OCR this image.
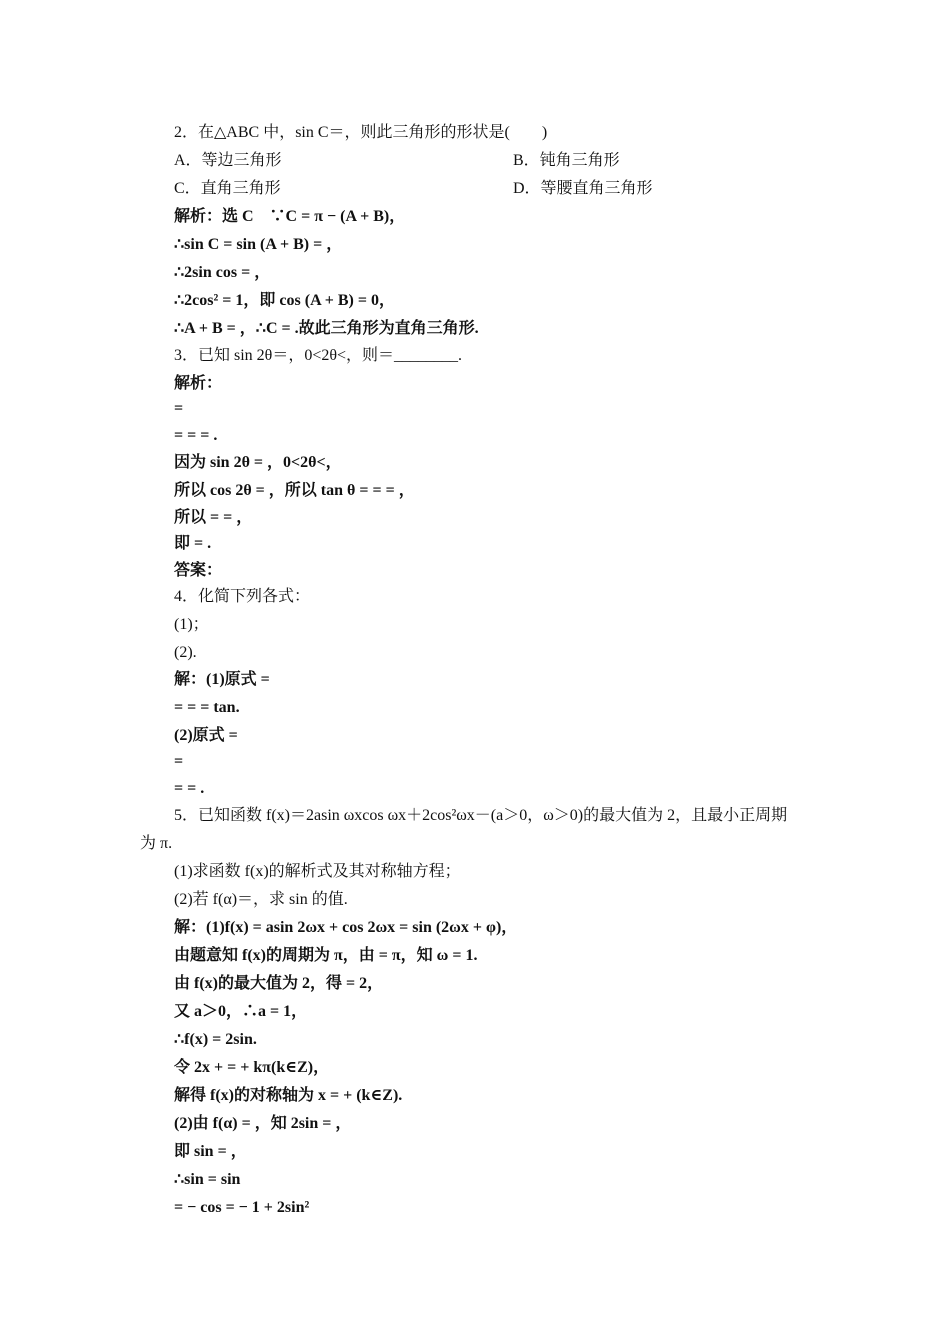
2．在△ABC 中，sin C＝，则此三角形的形状是(　　)
A．等边三角形	B．钝角三角形
C．直角三角形	D．等腰直角三角形
解析：选 C　∵C = π − (A + B)，
∴sin C = sin (A + B) = ，
∴2sin cos = ，
∴2cos² = 1，即 cos (A + B) = 0，
∴A + B = ，∴C = .故此三角形为直角三角形.
3．已知 sin 2θ＝，0<2θ<，则＝________.
解析：
=
= = = .
因为 sin 2θ = ，0<2θ<，
所以 cos 2θ = ，所以 tan θ = = = ，
所以 = = ，
即 = .
答案：
4．化简下列各式：
(1)；
(2).
解：(1)原式 =
= = = tan.
(2)原式 =
=
= = .
5．已知函数 f(x)＝2asin ωxcos ωx＋2cos²ωx－(a＞0，ω＞0)的最大值为 2，且最小正周期
为 π.
(1)求函数 f(x)的解析式及其对称轴方程；
(2)若 f(α)＝，求 sin 的值.
解：(1)f(x) = asin 2ωx + cos 2ωx = sin (2ωx + φ)，
由题意知 f(x)的周期为 π，由 = π，知 ω = 1.
由 f(x)的最大值为 2，得 = 2，
又 a＞0，∴a = 1，
∴f(x) = 2sin.
令 2x + = + kπ(k∈Z)，
解得 f(x)的对称轴为 x = + (k∈Z).
(2)由 f(α) = ，知 2sin = ，
即 sin = ，
∴sin = sin
= − cos = − 1 + 2sin²
